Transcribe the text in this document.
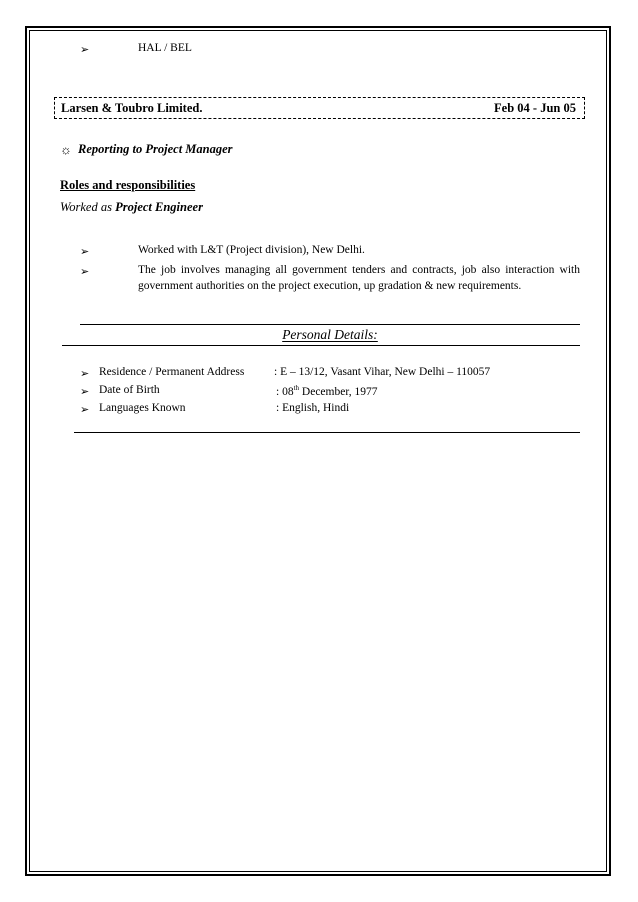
➢	HAL / BEL
Larsen & Toubro Limited.	Feb 04 - Jun 05
☼ Reporting to Project Manager
Roles and responsibilities
Worked as Project Engineer
➢	Worked with L&T (Project division), New Delhi.
➢	The job involves managing all government tenders and contracts, job also interaction with government authorities on the project execution, up gradation & new requirements.
Personal Details:
➢ Residence / Permanent Address	: E – 13/12, Vasant Vihar, New Delhi – 110057
➢ Date of Birth	: 08th December, 1977
➢ Languages Known	: English, Hindi
